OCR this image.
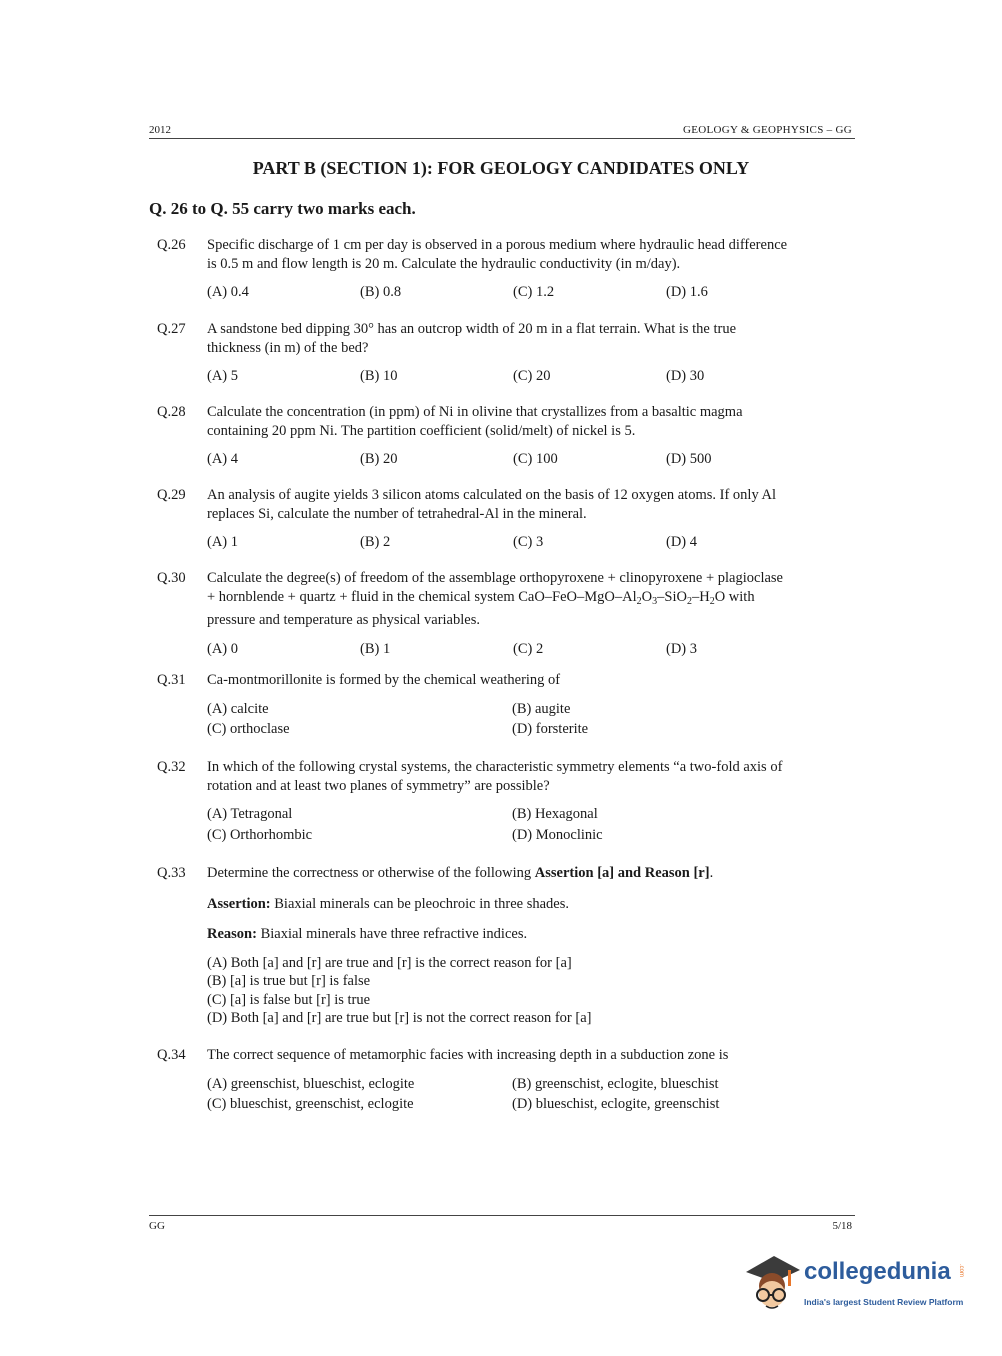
2012	GEOLOGY & GEOPHYSICS – GG
PART B (SECTION 1): FOR GEOLOGY CANDIDATES ONLY
Q. 26 to Q. 55 carry two marks each.
Q.26 Specific discharge of 1 cm per day is observed in a porous medium where hydraulic head difference
is 0.5 m and flow length is 20 m. Calculate the hydraulic conductivity (in m/day).
(A) 0.4	(B) 0.8	(C) 1.2	(D) 1.6
Q.27 A sandstone bed dipping 30° has an outcrop width of 20 m in a flat terrain. What is the true
thickness (in m) of the bed?
(A) 5	(B) 10	(C) 20	(D) 30
Q.28 Calculate the concentration (in ppm) of Ni in olivine that crystallizes from a basaltic magma
containing 20 ppm Ni. The partition coefficient (solid/melt) of nickel is 5.
(A) 4	(B) 20	(C) 100	(D) 500
Q.29 An analysis of augite yields 3 silicon atoms calculated on the basis of 12 oxygen atoms. If only Al
replaces Si, calculate the number of tetrahedral-Al in the mineral.
(A) 1	(B) 2	(C) 3	(D) 4
Q.30 Calculate the degree(s) of freedom of the assemblage orthopyroxene + clinopyroxene + plagioclase
+ hornblende + quartz + fluid in the chemical system CaO–$FeO-MgO-Al_2O_3-SiO_2-H_2O$ with
pressure and temperature as physical variables.
(A) 0	(B) 1	(C) 2	(D) 3
Q.31 Ca-montmorillonite is formed by the chemical weathering of
(A) calcite	(B) augite
(C) orthoclase	(D) forsterite
Q.32 In which of the following crystal systems, the characteristic symmetry elements “a two-fold axis of
rotation and at least two planes of symmetry” are possible?
(A) Tetragonal	(B) Hexagonal
(C) Orthorhombic	(D) Monoclinic
Q.33 Determine the correctness or otherwise of the following Assertion [a] and Reason [r].
Assertion: Biaxial minerals can be pleochroic in three shades.
Reason: Biaxial minerals have three refractive indices.
(A) Both [a] and [r] are true and [r] is the correct reason for [a]
(B) [a] is true but [r] is false
(C) [a] is false but [r] is true
(D) Both [a] and [r] are true but [r] is not the correct reason for [a]
Q.34 The correct sequence of metamorphic facies with increasing depth in a subduction zone is
(A) greenschist, blueschist, eclogite	(B) greenschist, eclogite, blueschist
(C) blueschist, greenschist, eclogite	(D) blueschist, eclogite, greenschist
GG	5/18
collegedunia .com
India's largest Student Review Platform
